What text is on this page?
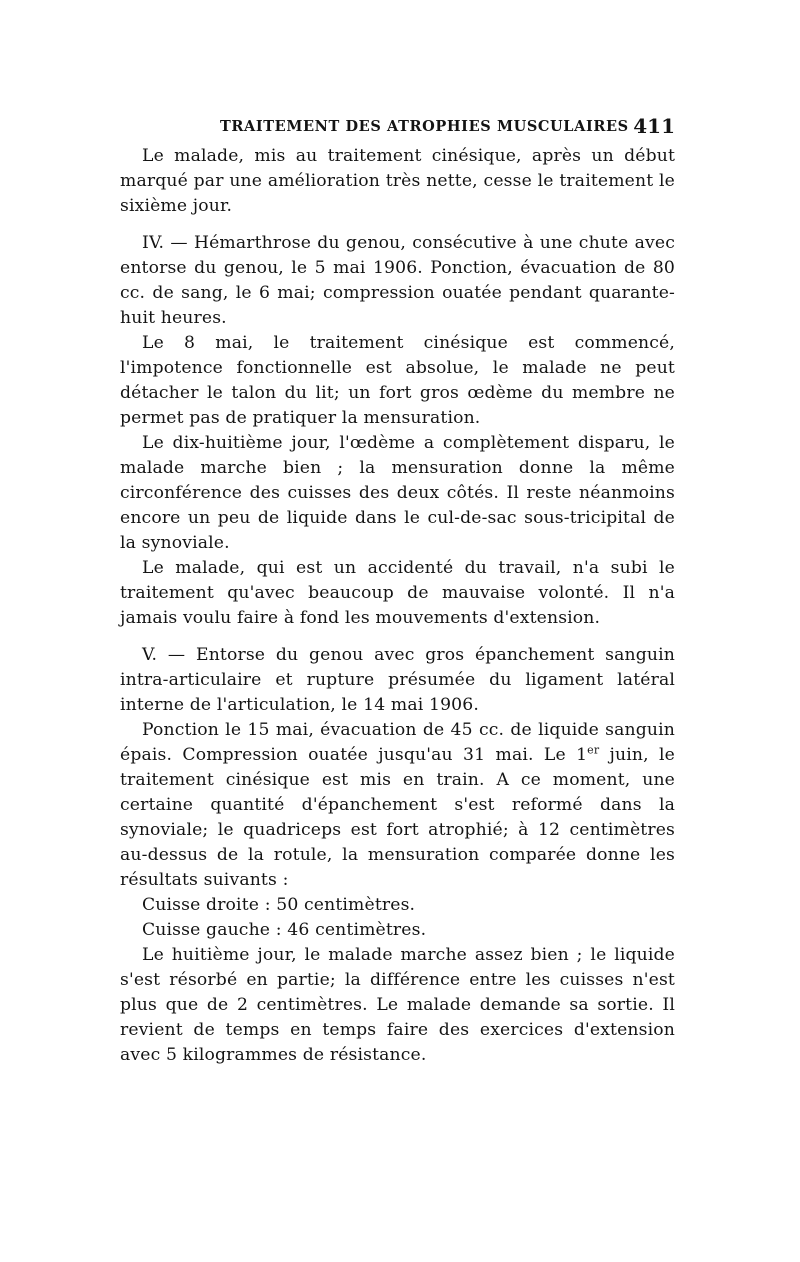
TRAITEMENT DES ATROPHIES MUSCULAIRES 411

Le malade, mis au traitement cinésique, après un début marqué par une amélioration très nette, cesse le traitement le sixième jour.

IV. — Hémarthrose du genou, consécutive à une chute avec entorse du genou, le 5 mai 1906. Ponction, évacuation de 80 cc. de sang, le 6 mai; compression ouatée pendant quarante-huit heures.

Le 8 mai, le traitement cinésique est commencé, l'impotence fonctionnelle est absolue, le malade ne peut détacher le talon du lit; un fort gros œdème du membre ne permet pas de pratiquer la mensuration.

Le dix-huitième jour, l'œdème a complètement disparu, le malade marche bien ; la mensuration donne la même circonférence des cuisses des deux côtés. Il reste néanmoins encore un peu de liquide dans le cul-de-sac sous-tricipital de la synoviale.

Le malade, qui est un accidenté du travail, n'a subi le traitement qu'avec beaucoup de mauvaise volonté. Il n'a jamais voulu faire à fond les mouvements d'extension.

V. — Entorse du genou avec gros épanchement sanguin intra-articulaire et rupture présumée du ligament latéral interne de l'articulation, le 14 mai 1906.

Ponction le 15 mai, évacuation de 45 cc. de liquide sanguin épais. Compression ouatée jusqu'au 31 mai. Le 1er juin, le traitement cinésique est mis en train. A ce moment, une certaine quantité d'épanchement s'est reformé dans la synoviale; le quadriceps est fort atrophié; à 12 centimètres au-dessus de la rotule, la mensuration comparée donne les résultats suivants :

Cuisse droite : 50 centimètres.

Cuisse gauche : 46 centimètres.

Le huitième jour, le malade marche assez bien ; le liquide s'est résorbé en partie; la différence entre les cuisses n'est plus que de 2 centimètres. Le malade demande sa sortie. Il revient de temps en temps faire des exercices d'extension avec 5 kilogrammes de résistance.
